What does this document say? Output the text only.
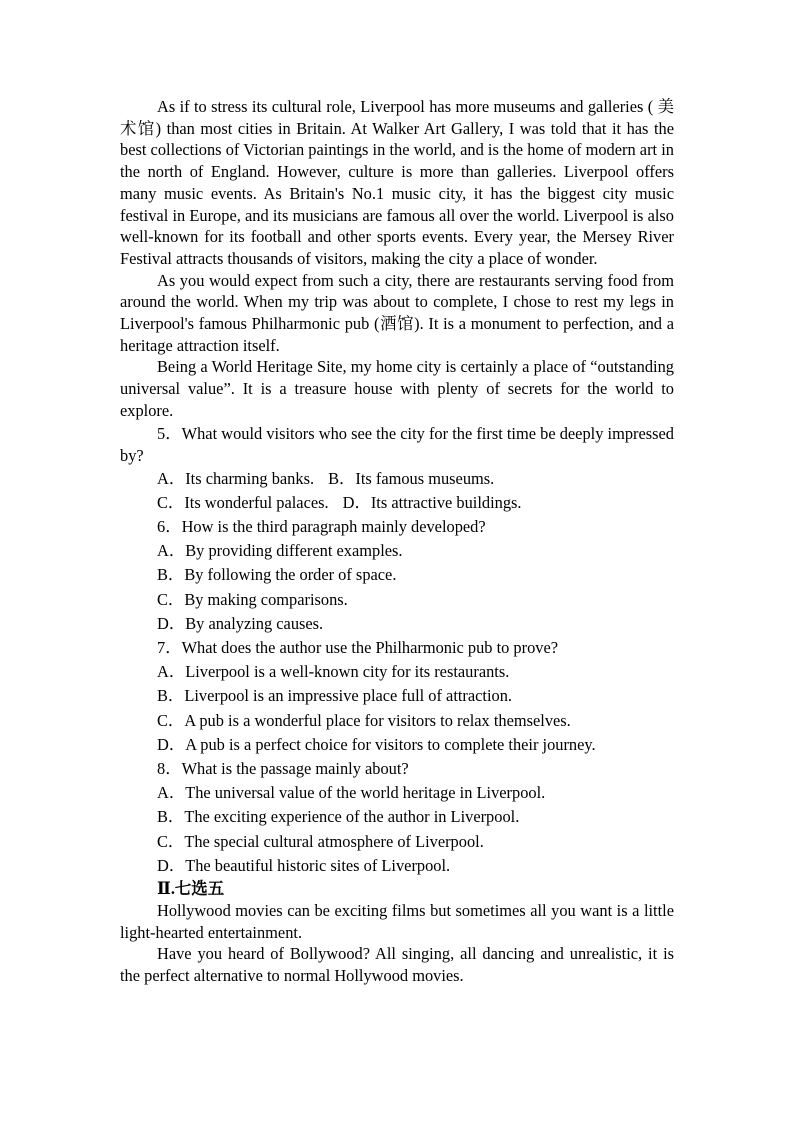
As if to stress its cultural role, Liverpool has more museums and galleries ( 美术馆) than most cities in Britain. At Walker Art Gallery, I was told that it has the best collections of Victorian paintings in the world, and is the home of modern art in the north of England. However, culture is more than galleries. Liverpool offers many music events. As Britain's No.1 music city, it has the biggest city music festival in Europe, and its musicians are famous all over the world. Liverpool is also well-known for its football and other sports events. Every year, the Mersey River Festival attracts thousands of visitors, making the city a place of wonder.

As you would expect from such a city, there are restaurants serving food from around the world. When my trip was about to complete, I chose to rest my legs in Liverpool's famous Philharmonic pub (酒馆). It is a monument to perfection, and a heritage attraction itself.

Being a World Heritage Site, my home city is certainly a place of “outstanding universal value”. It is a treasure house with plenty of secrets for the world to explore.

5．What would visitors who see the city for the first time be deeply impressed by?

A．Its charming banks. B．Its famous museums.

C．Its wonderful palaces. D．Its attractive buildings.

6．How is the third paragraph mainly developed?

A．By providing different examples.

B．By following the order of space.

C．By making comparisons.

D．By analyzing causes.

7．What does the author use the Philharmonic pub to prove?

A．Liverpool is a well-known city for its restaurants.

B．Liverpool is an impressive place full of attraction.

C．A pub is a wonderful place for visitors to relax themselves.

D．A pub is a perfect choice for visitors to complete their journey.

8．What is the passage mainly about?

A．The universal value of the world heritage in Liverpool.

B．The exciting experience of the author in Liverpool.

C．The special cultural atmosphere of Liverpool.

D．The beautiful historic sites of Liverpool.

Ⅱ.七选五

Hollywood movies can be exciting films but sometimes all you want is a little light-hearted entertainment.

Have you heard of Bollywood? All singing, all dancing and unrealistic, it is the perfect alternative to normal Hollywood movies.
